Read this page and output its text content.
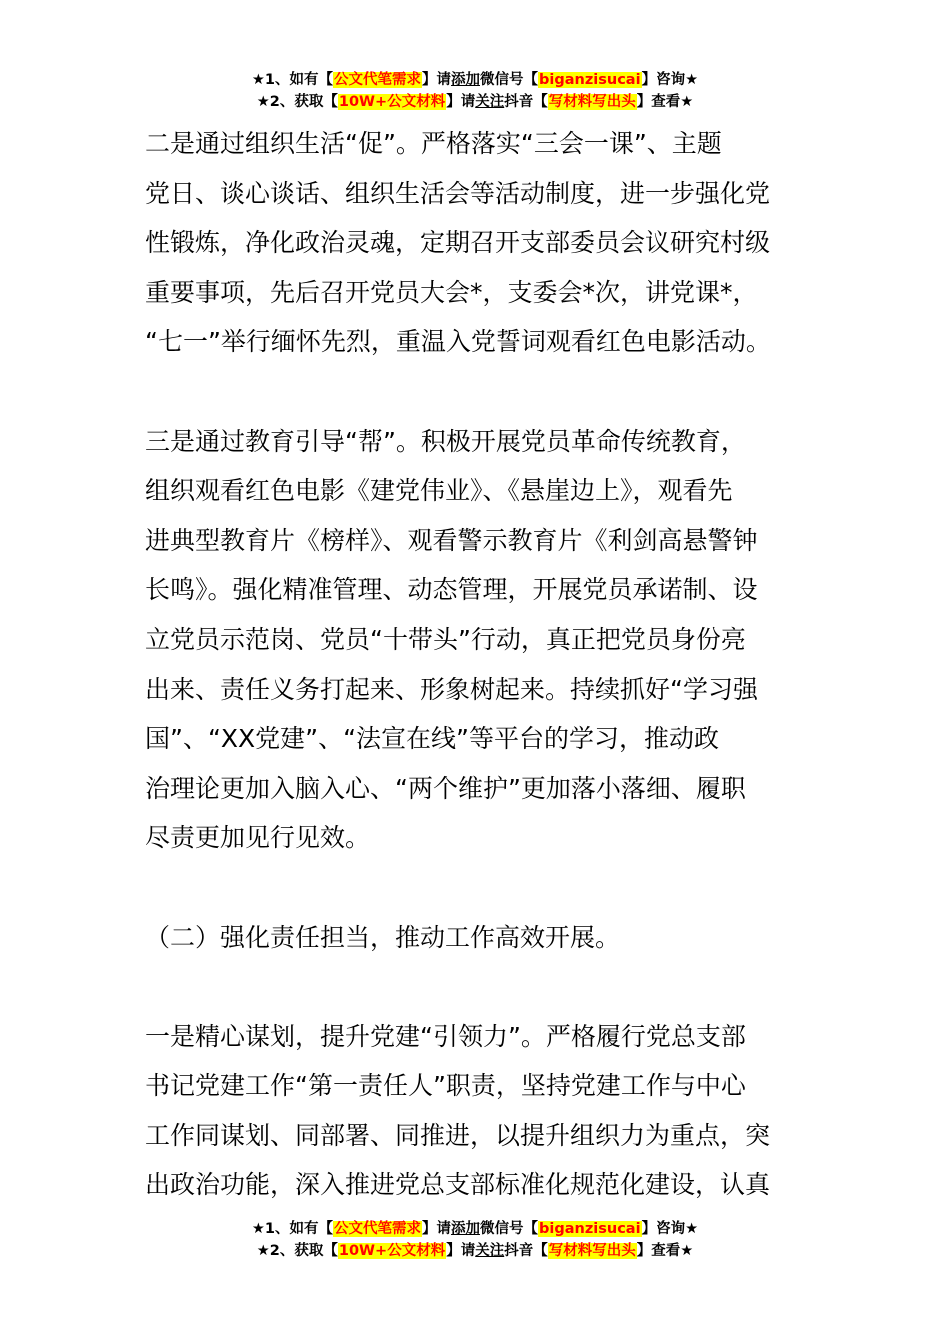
★1、如有【公文代笔需求】请添加微信号【biganzisucai】咨询★
★2、获取【10W+公文材料】请关注抖音【写材料写出头】查看★
二是通过组织生活“促”。严格落实“三会一课”、主题
党日、谈心谈话、组织生活会等活动制度，进一步强化党
性锻炼，净化政治灵魂，定期召开支部委员会议研究村级
重要事项，先后召开党员大会*，支委会*次，讲党课*，
“七一”举行缅怀先烈，重温入党誓词观看红色电影活动。
三是通过教育引导“帮”。积极开展党员革命传统教育，
组织观看红色电影《建党伟业》、《悬崖边上》，观看先
进典型教育片《榜样》、观看警示教育片《利剑高悬警钟
长鸣》。强化精准管理、动态管理，开展党员承诺制、设
立党员示范岗、党员“十带头”行动，真正把党员身份亮
出来、责任义务打起来、形象树起来。持续抓好“学习强
国”、“XX党建”、“法宣在线”等平台的学习，推动政
治理论更加入脑入心、“两个维护”更加落小落细、履职
尽责更加见行见效。
（二）强化责任担当，推动工作高效开展。
一是精心谋划，提升党建“引领力”。严格履行党总支部
书记党建工作“第一责任人”职责，坚持党建工作与中心
工作同谋划、同部署、同推进，以提升组织力为重点，突
出政治功能，深入推进党总支部标准化规范化建设，认真
★1、如有【公文代笔需求】请添加微信号【biganzisucai】咨询★
★2、获取【10W+公文材料】请关注抖音【写材料写出头】查看★
